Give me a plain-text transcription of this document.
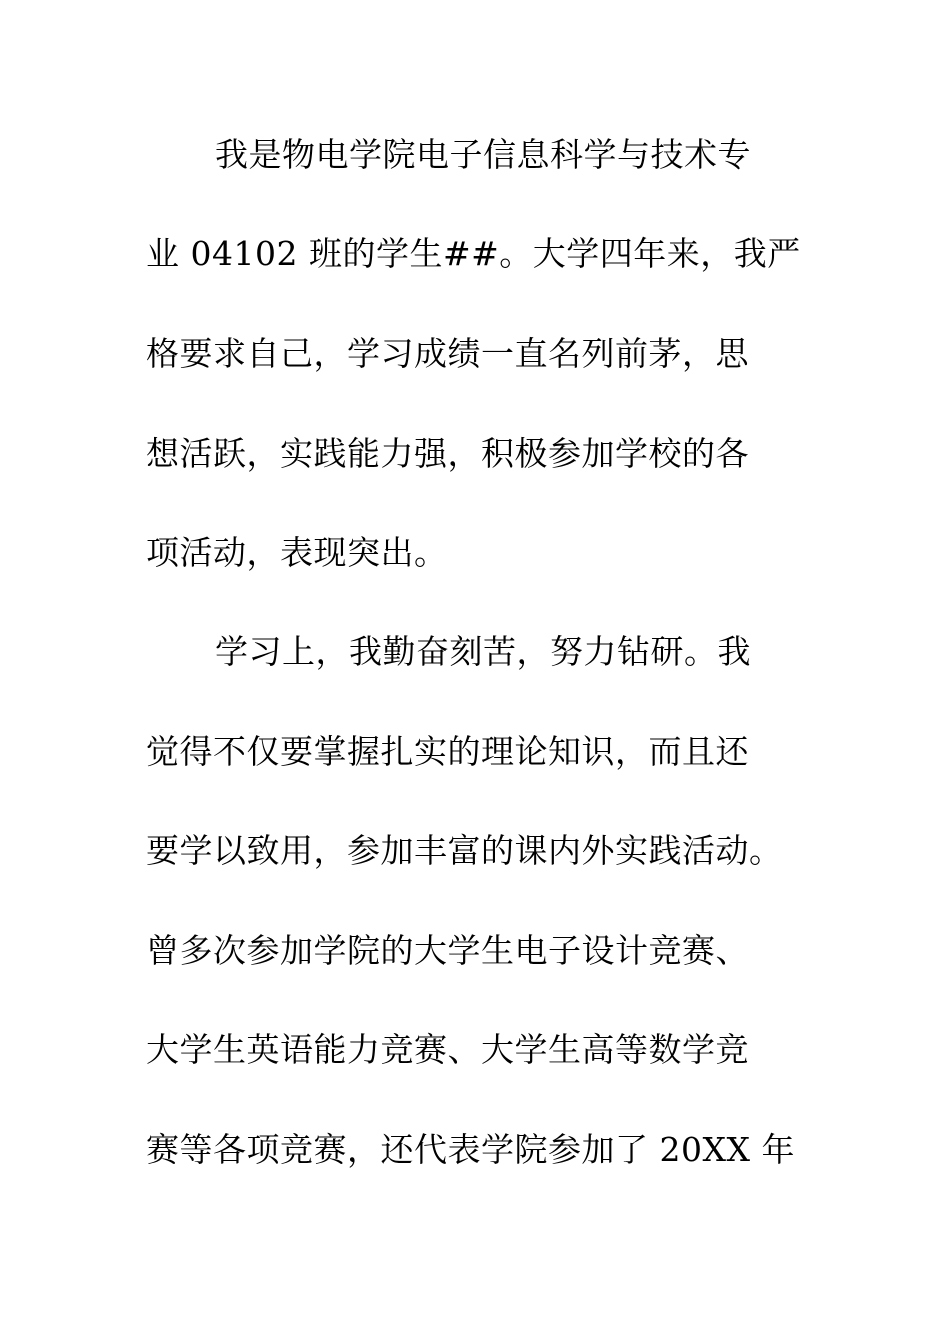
我是物电学院电子信息科学与技术专
业 04102 班的学生##。大学四年来，我严
格要求自己，学习成绩一直名列前茅，思
想活跃，实践能力强，积极参加学校的各
项活动，表现突出。
学习上，我勤奋刻苦，努力钻研。我
觉得不仅要掌握扎实的理论知识，而且还
要学以致用，参加丰富的课内外实践活动。
曾多次参加学院的大学生电子设计竞赛、
大学生英语能力竞赛、大学生高等数学竞
赛等各项竞赛，还代表学院参加了 20XX 年
